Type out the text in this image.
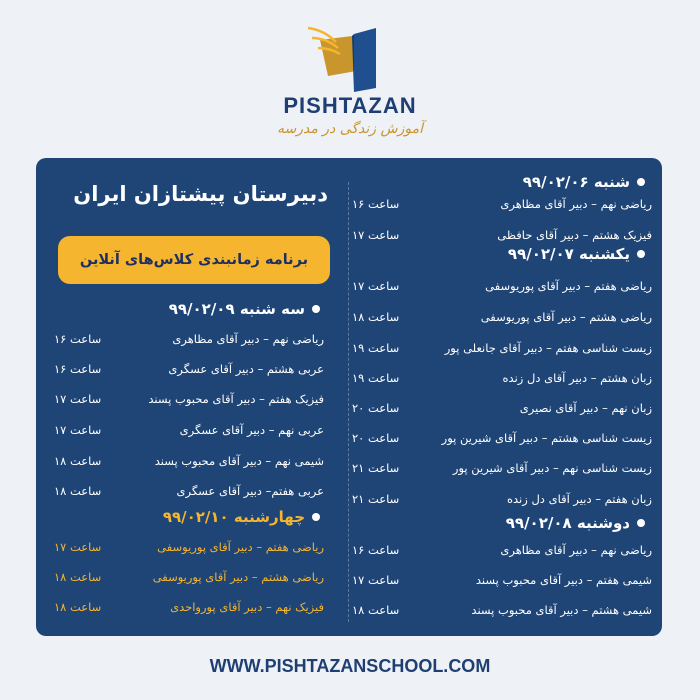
PISHTAZAN
آموزش زندگی در مدرسه
دبیرستان پیشتازان ایران
برنامه زمانبندی کلاس‌های آنلاین
شنبه ۹۹/۰۲/۰۶
ساعت ۱۶	ریاضی نهم – دبیر آقای مظاهری
ساعت ۱۷	فیزیک هشتم – دبیر آقای حافظی
یکشنبه ۹۹/۰۲/۰۷
ساعت ۱۷	ریاضی هفتم – دبیر آقای پوریوسفی
ساعت ۱۸	ریاضی هشتم – دبیر آقای پوریوسفی
ساعت ۱۹	زیست شناسی هفتم – دبیر آقای جانعلی پور
ساعت ۱۹	زبان هشتم – دبیر آقای دل زنده
ساعت ۲۰	زبان نهم – دبیر آقای نصیری
ساعت ۲۰	زیست شناسی هشتم – دبیر آقای شیرین پور
ساعت ۲۱	زیست شناسی نهم – دبیر آقای شیرین پور
ساعت ۲۱	زبان هفتم – دبیر آقای دل زنده
دوشنبه ۹۹/۰۲/۰۸
ساعت ۱۶	ریاضی نهم – دبیر آقای مظاهری
ساعت ۱۷	شیمی هفتم – دبیر آقای محبوب پسند
ساعت ۱۸	شیمی هشتم – دبیر آقای محبوب پسند
سه شنبه ۹۹/۰۲/۰۹
ساعت ۱۶	ریاضی نهم – دبیر آقای مظاهری
ساعت ۱۶	عربی هشتم – دبیر آقای عسگری
ساعت ۱۷	فیزیک هفتم – دبیر آقای محبوب پسند
ساعت ۱۷	عربی نهم – دبیر آقای عسگری
ساعت ۱۸	شیمی نهم – دبیر آقای محبوب پسند
ساعت ۱۸	عربی هفتم– دبیر آقای عسگری
چهارشنبه ۹۹/۰۲/۱۰
ساعت ۱۷	ریاضی هفتم – دبیر آقای پوریوسفی
ساعت ۱۸	ریاضی هشتم – دبیر آقای پوریوسفی
ساعت ۱۸	فیزیک نهم – دبیر آقای پورواحدی
WWW.PISHTAZANSCHOOL.COM
